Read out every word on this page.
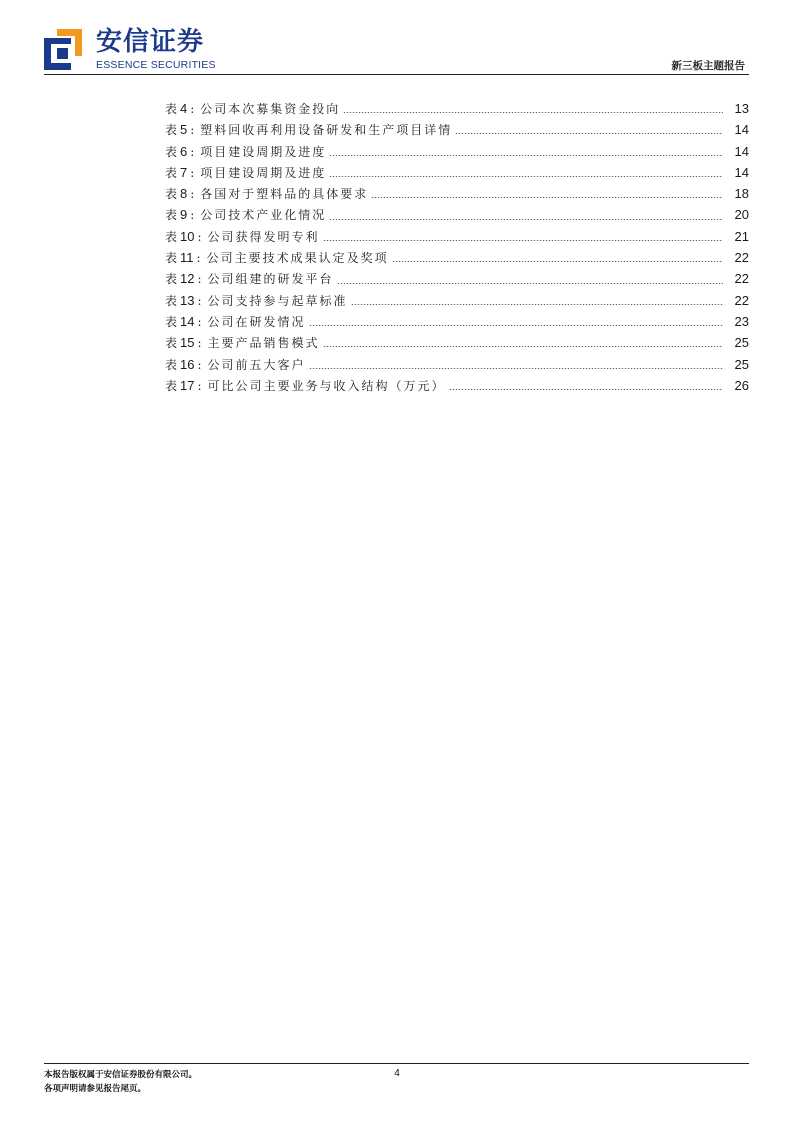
安信证券
ESSENCE SECURITIES	新三板主题报告
表4 : 公司本次募集资金投向	13
表5 : 塑料回收再利用设备研发和生产项目详情	14
表6 : 项目建设周期及进度	14
表7 : 项目建设周期及进度	14
表8 : 各国对于塑料品的具体要求	18
表9 : 公司技术产业化情况	20
表10 : 公司获得发明专利	21
表11 : 公司主要技术成果认定及奖项	22
表12 : 公司组建的研发平台	22
表13 : 公司支持参与起草标准	22
表14 : 公司在研发情况	23
表15 : 主要产品销售模式	25
表16 : 公司前五大客户	25
表17 : 可比公司主要业务与收入结构（万元）	26
本报告版权属于安信证券股份有限公司。
各项声明请参见报告尾页。
4
